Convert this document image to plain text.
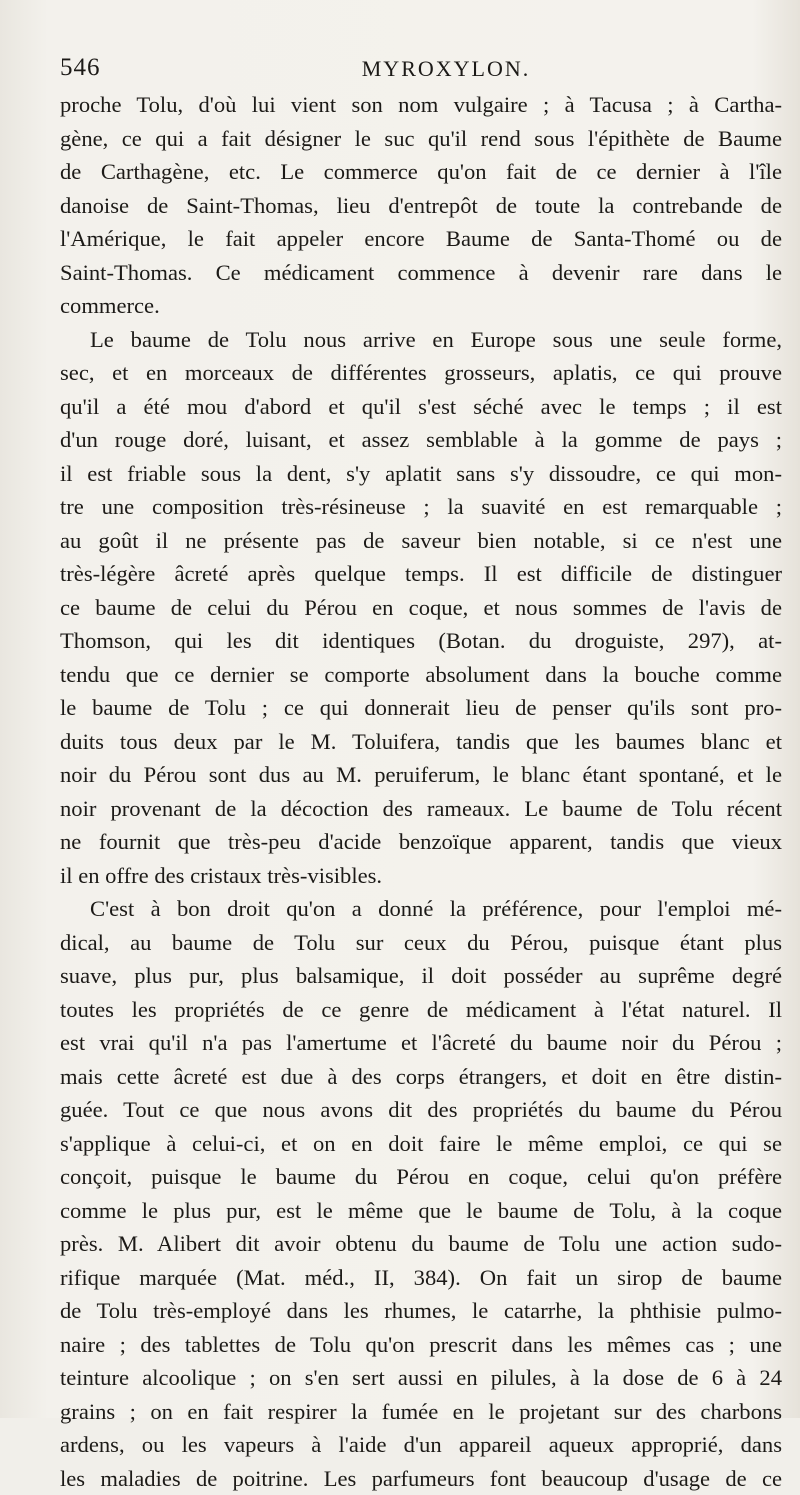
546	MYROXYLON.
proche Tolu, d'où lui vient son nom vulgaire ; à Tacusa ; à Cartha-
gène, ce qui a fait désigner le suc qu'il rend sous l'épithète de Baume
de Carthagène, etc. Le commerce qu'on fait de ce dernier à l'île
danoise de Saint-Thomas, lieu d'entrepôt de toute la contrebande de
l'Amérique, le fait appeler encore Baume de Santa-Thomé ou de
Saint-Thomas. Ce médicament commence à devenir rare dans le
commerce.
Le baume de Tolu nous arrive en Europe sous une seule forme,
sec, et en morceaux de différentes grosseurs, aplatis, ce qui prouve
qu'il a été mou d'abord et qu'il s'est séché avec le temps ; il est
d'un rouge doré, luisant, et assez semblable à la gomme de pays ;
il est friable sous la dent, s'y aplatit sans s'y dissoudre, ce qui mon-
tre une composition très-résineuse ; la suavité en est remarquable ;
au goût il ne présente pas de saveur bien notable, si ce n'est une
très-légère âcreté après quelque temps. Il est difficile de distinguer
ce baume de celui du Pérou en coque, et nous sommes de l'avis de
Thomson, qui les dit identiques (Botan. du droguiste, 297), at-
tendu que ce dernier se comporte absolument dans la bouche comme
le baume de Tolu ; ce qui donnerait lieu de penser qu'ils sont pro-
duits tous deux par le M. Toluifera, tandis que les baumes blanc et
noir du Pérou sont dus au M. peruiferum, le blanc étant spontané, et le
noir provenant de la décoction des rameaux. Le baume de Tolu récent
ne fournit que très-peu d'acide benzoïque apparent, tandis que vieux
il en offre des cristaux très-visibles.
C'est à bon droit qu'on a donné la préférence, pour l'emploi mé-
dical, au baume de Tolu sur ceux du Pérou, puisque étant plus
suave, plus pur, plus balsamique, il doit posséder au suprême degré
toutes les propriétés de ce genre de médicament à l'état naturel. Il
est vrai qu'il n'a pas l'amertume et l'âcreté du baume noir du Pérou ;
mais cette âcreté est due à des corps étrangers, et doit en être distin-
guée. Tout ce que nous avons dit des propriétés du baume du Pérou
s'applique à celui-ci, et on en doit faire le même emploi, ce qui se
conçoit, puisque le baume du Pérou en coque, celui qu'on préfère
comme le plus pur, est le même que le baume de Tolu, à la coque
près. M. Alibert dit avoir obtenu du baume de Tolu une action sudo-
rifique marquée (Mat. méd., II, 384). On fait un sirop de baume
de Tolu très-employé dans les rhumes, le catarrhe, la phthisie pulmo-
naire ; des tablettes de Tolu qu'on prescrit dans les mêmes cas ; une
teinture alcoolique ; on s'en sert aussi en pilules, à la dose de 6 à 24
grains ; on en fait respirer la fumée en le projetant sur des charbons
ardens, ou les vapeurs à l'aide d'un appareil aqueux approprié, dans
les maladies de poitrine. Les parfumeurs font beaucoup d'usage de ce
